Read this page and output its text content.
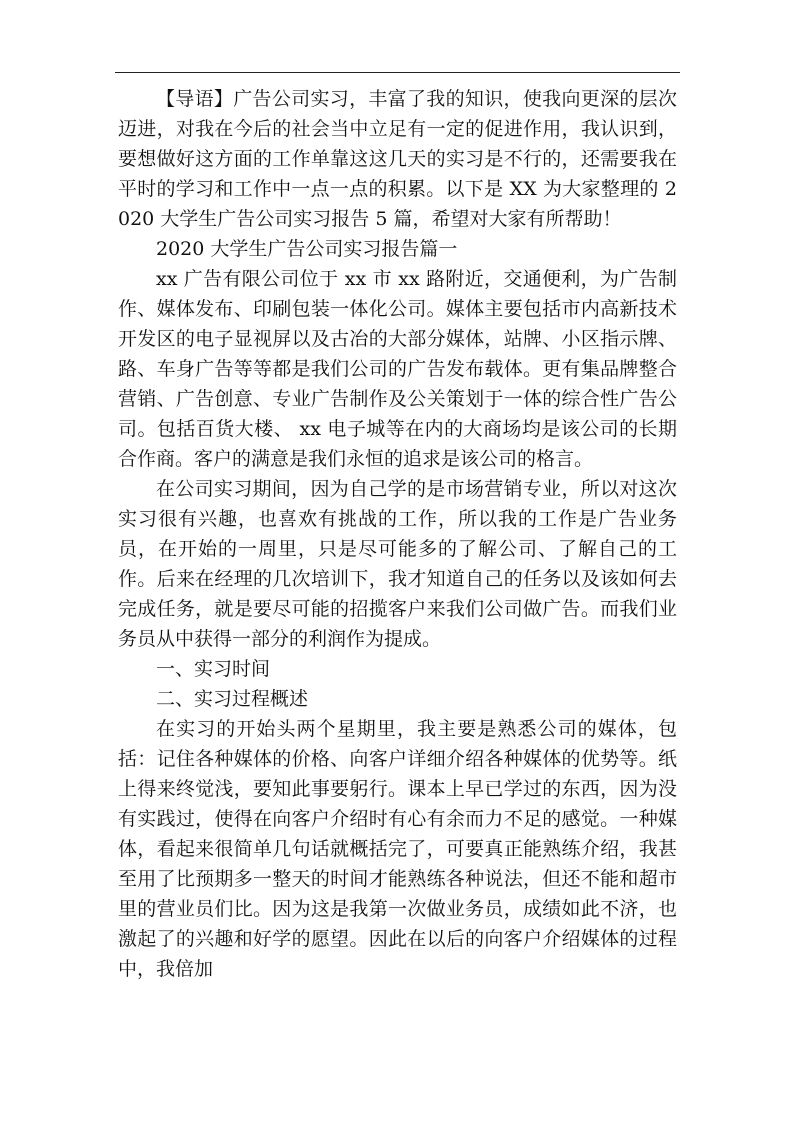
【导语】广告公司实习，丰富了我的知识，使我向更深的层次迈进，对我在今后的社会当中立足有一定的促进作用，我认识到，要想做好这方面的工作单靠这这几天的实习是不行的，还需要我在平时的学习和工作中一点一点的积累。以下是 XX 为大家整理的 2020 大学生广告公司实习报告 5 篇，希望对大家有所帮助！

2020 大学生广告公司实习报告篇一

xx 广告有限公司位于 xx 市 xx 路附近，交通便利，为广告制作、媒体发布、印刷包装一体化公司。媒体主要包括市内高新技术开发区的电子显视屏以及古冶的大部分媒体，站牌、小区指示牌、路、车身广告等等都是我们公司的广告发布载体。更有集品牌整合营销、广告创意、专业广告制作及公关策划于一体的综合性广告公司。包括百货大楼、 xx 电子城等在内的大商场均是该公司的长期合作商。客户的满意是我们永恒的追求是该公司的格言。

在公司实习期间，因为自己学的是市场营销专业，所以对这次实习很有兴趣，也喜欢有挑战的工作，所以我的工作是广告业务员，在开始的一周里，只是尽可能多的了解公司、了解自己的工作。后来在经理的几次培训下，我才知道自己的任务以及该如何去完成任务，就是要尽可能的招揽客户来我们公司做广告。而我们业务员从中获得一部分的利润作为提成。

一、实习时间

二、实习过程概述

在实习的开始头两个星期里，我主要是熟悉公司的媒体，包括：记住各种媒体的价格、向客户详细介绍各种媒体的优势等。纸上得来终觉浅，要知此事要躬行。课本上早已学过的东西，因为没有实践过，使得在向客户介绍时有心有余而力不足的感觉。一种媒体，看起来很简单几句话就概括完了，可要真正能熟练介绍，我甚至用了比预期多一整天的时间才能熟练各种说法，但还不能和超市里的营业员们比。因为这是我第一次做业务员，成绩如此不济，也激起了的兴趣和好学的愿望。因此在以后的向客户介绍媒体的过程中，我倍加
